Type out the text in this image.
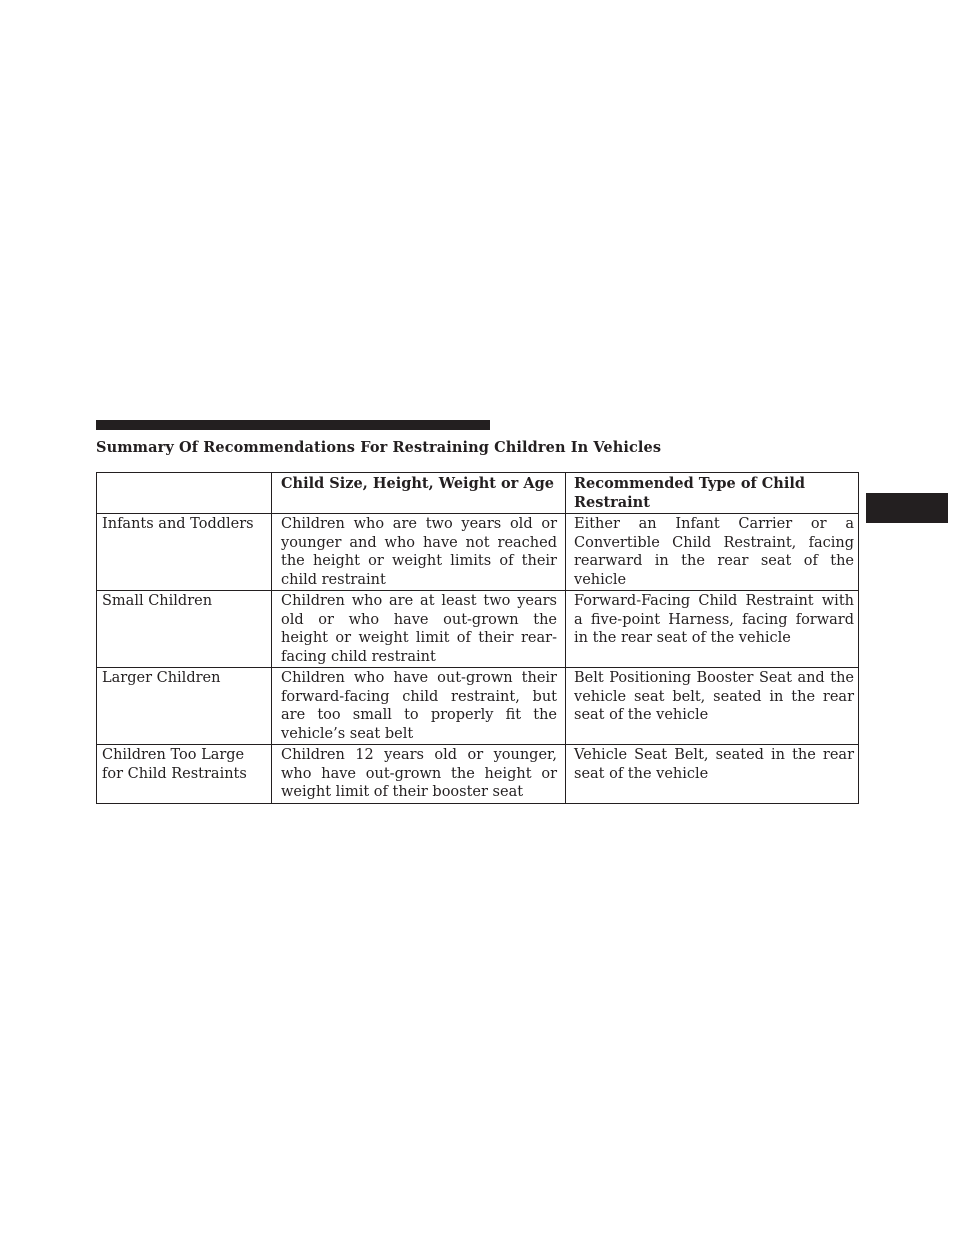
Summary Of Recommendations For Restraining Children In Vehicles
	Child Size, Height, Weight or Age	Recommended Type of Child Restraint

Infants and Toddlers	Children who are two years old or younger and who have not reached the height or weight limits of their child restraint	Either an Infant Carrier or a Convertible Child Restraint, facing rearward in the rear seat of the vehicle

Small Children	Children who are at least two years old or who have out-grown the height or weight limit of their rear-facing child restraint	Forward-Facing Child Restraint with a five-point Harness, facing forward in the rear seat of the vehicle

Larger Children	Children who have out-grown their forward-facing child restraint, but are too small to properly fit the vehicle’s seat belt	Belt Positioning Booster Seat and the vehicle seat belt, seated in the rear seat of the vehicle

Children Too Large
for Child Restraints	Children 12 years old or younger, who have out-grown the height or weight limit of their booster seat	Vehicle Seat Belt, seated in the rear seat of the vehicle
